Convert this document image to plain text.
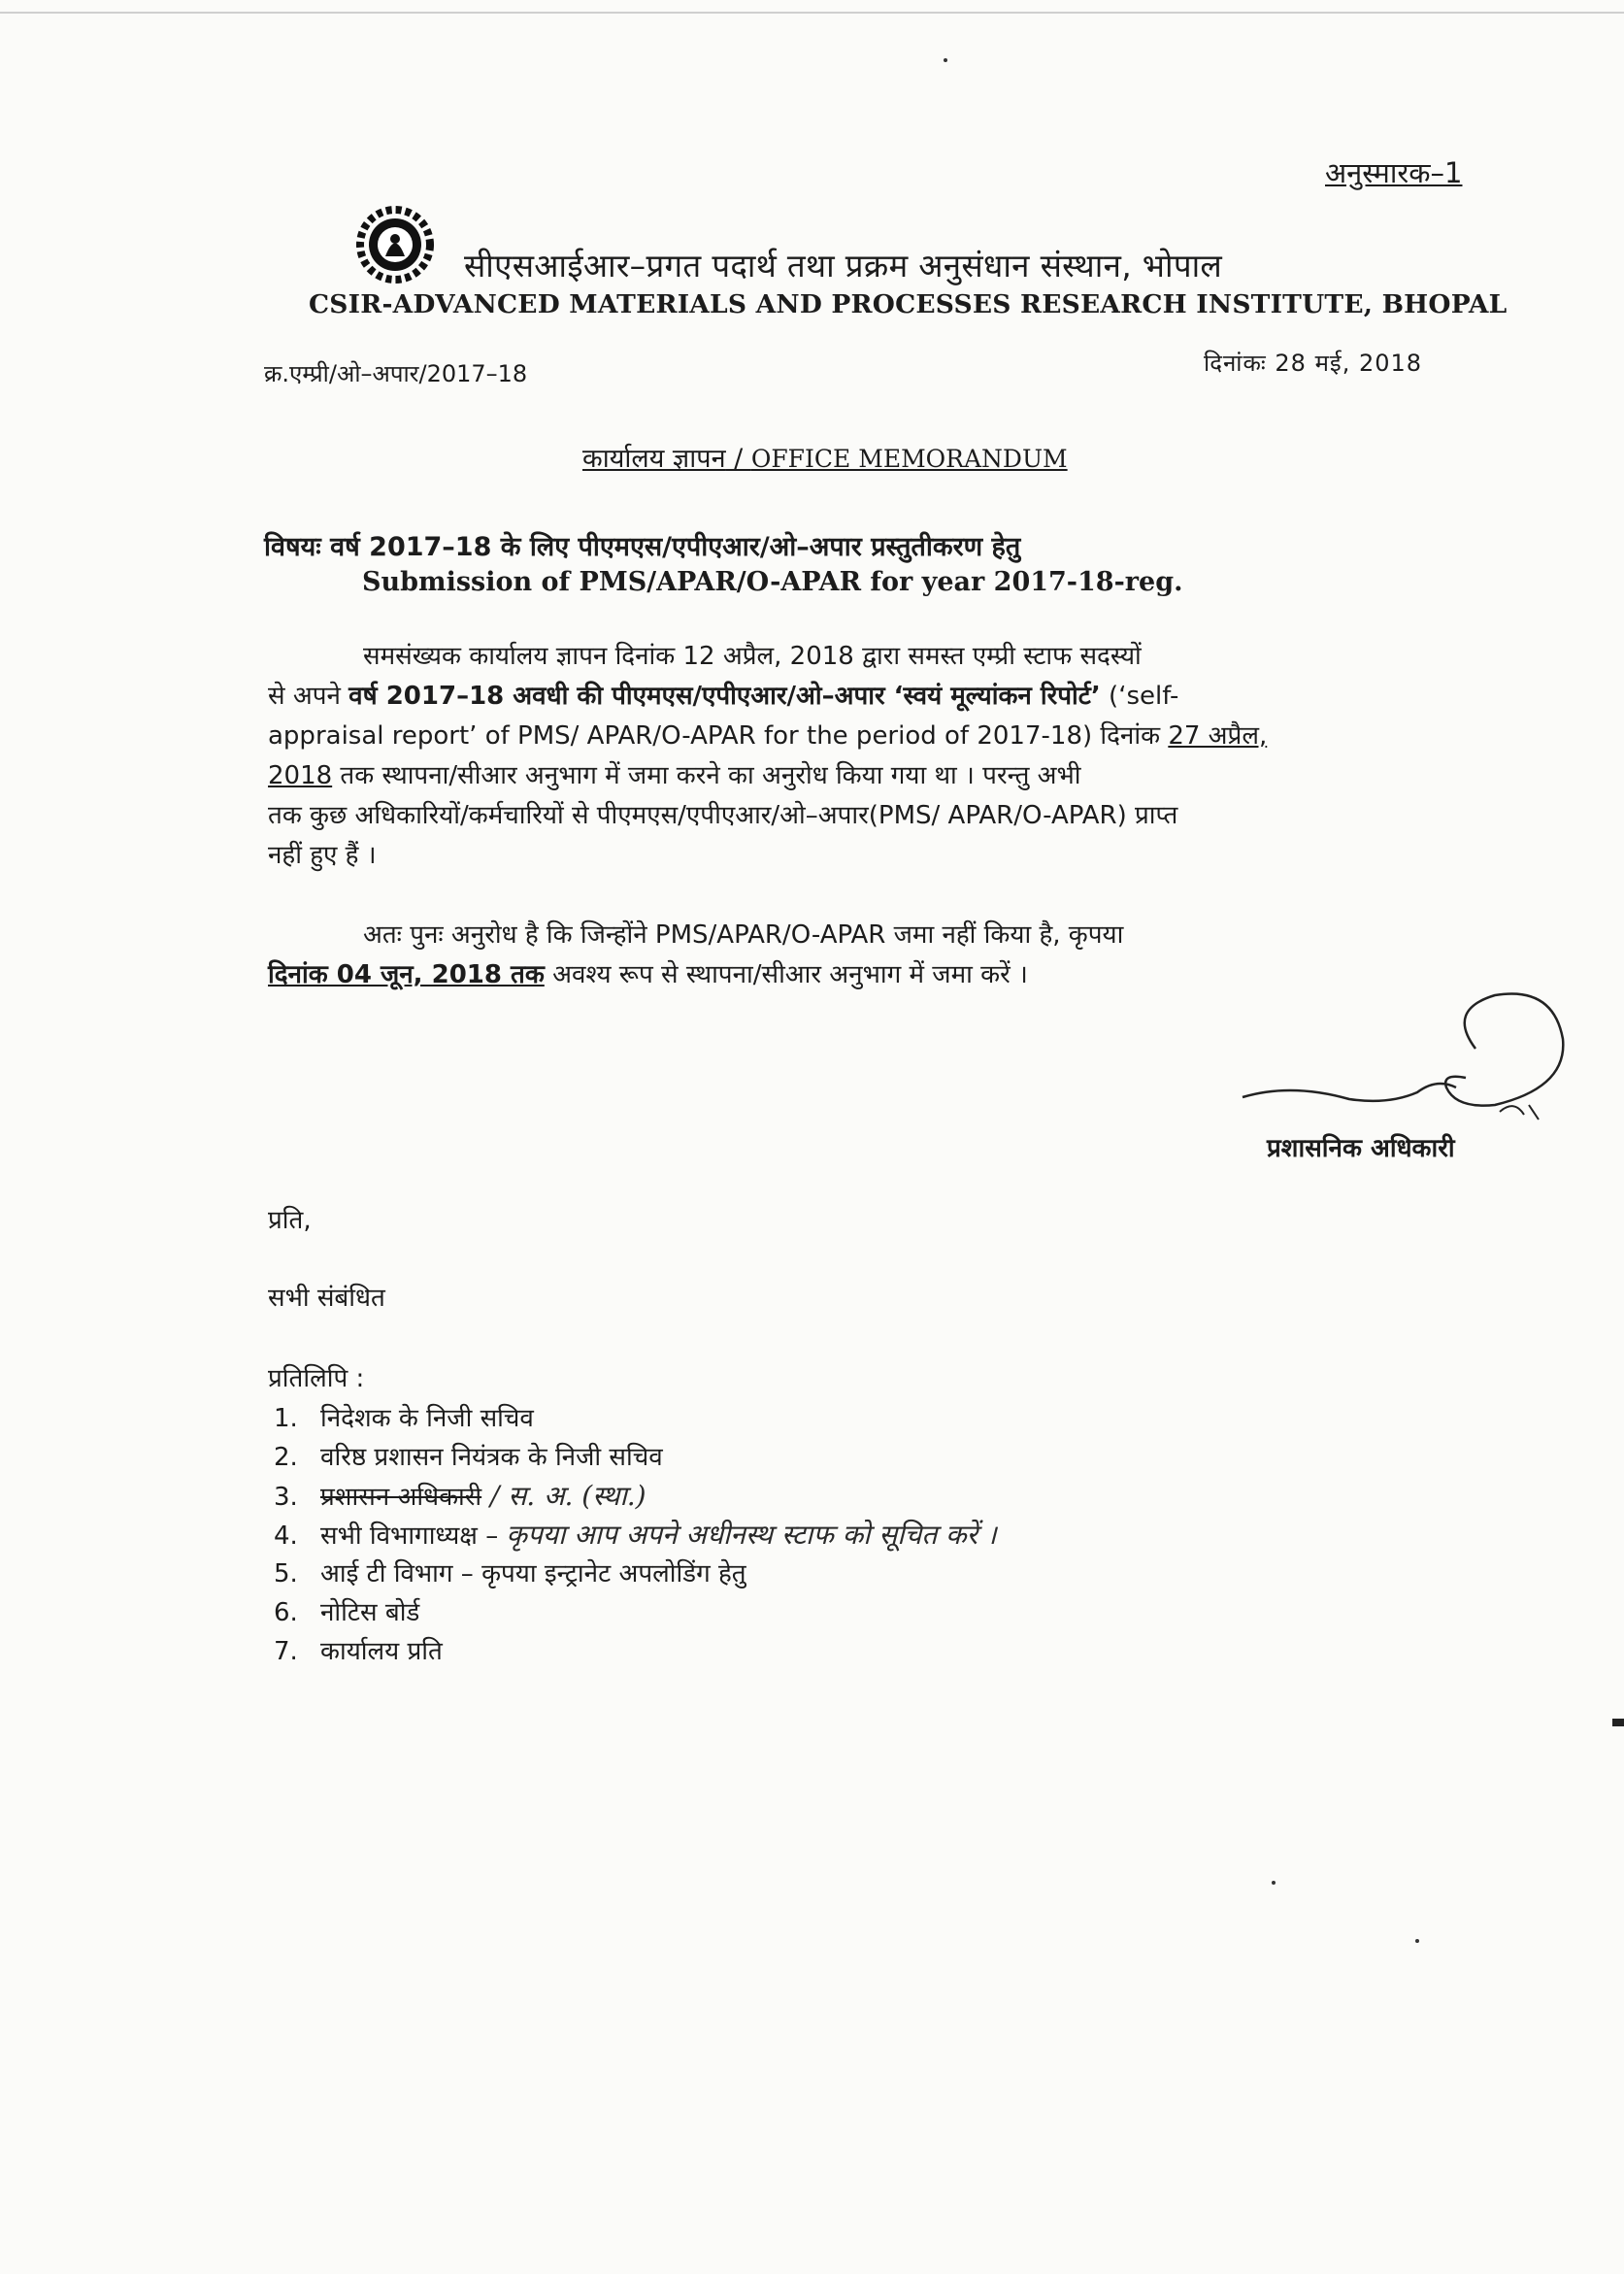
अनुस्मारक–1
सीएसआईआर–प्रगत पदार्थ तथा प्रक्रम अनुसंधान संस्थान, भोपाल
CSIR-ADVANCED MATERIALS AND PROCESSES RESEARCH INSTITUTE, BHOPAL
क्र.एम्प्री/ओ–अपार/2017–18	दिनांकः 28 मई, 2018
कार्यालय ज्ञापन / OFFICE MEMORANDUM
विषयः वर्ष 2017–18 के लिए पीएमएस/एपीएआर/ओ–अपार प्रस्तुतीकरण हेतु
Submission of PMS/APAR/O-APAR for year 2017-18-reg.
समसंख्यक कार्यालय ज्ञापन दिनांक 12 अप्रैल, 2018 द्वारा समस्त एम्प्री स्टाफ सदस्यों
से अपने वर्ष 2017–18 अवधी की पीएमएस/एपीएआर/ओ–अपार ‘स्वयं मूल्यांकन रिपोर्ट’ (‘self-
appraisal report’ of PMS/ APAR/O-APAR for the period of 2017-18) दिनांक 27 अप्रैल,
2018 तक स्थापना/सीआर अनुभाग में जमा करने का अनुरोध किया गया था । परन्तु अभी
तक कुछ अधिकारियों/कर्मचारियों से पीएमएस/एपीएआर/ओ–अपार(PMS/ APAR/O-APAR) प्राप्त
नहीं हुए हैं ।
अतः पुनः अनुरोध है कि जिन्होंने PMS/APAR/O-APAR जमा नहीं किया है, कृपया
दिनांक 04 जून, 2018 तक अवश्य रूप से स्थापना/सीआर अनुभाग में जमा करें ।
प्रशासनिक अधिकारी
प्रति,
सभी संबंधित
प्रतिलिपि :
1. निदेशक के निजी सचिव
2. वरिष्ठ प्रशासन नियंत्रक के निजी सचिव
3. प्रशासन अधिकारी / स. अ. (स्था.)
4. सभी विभागाध्यक्ष – कृपया आप अपने अधीनस्थ स्टाफ को सूचित करें ।
5. आई टी विभाग – कृपया इन्ट्रानेट अपलोडिंग हेतु
6. नोटिस बोर्ड
7. कार्यालय प्रति
